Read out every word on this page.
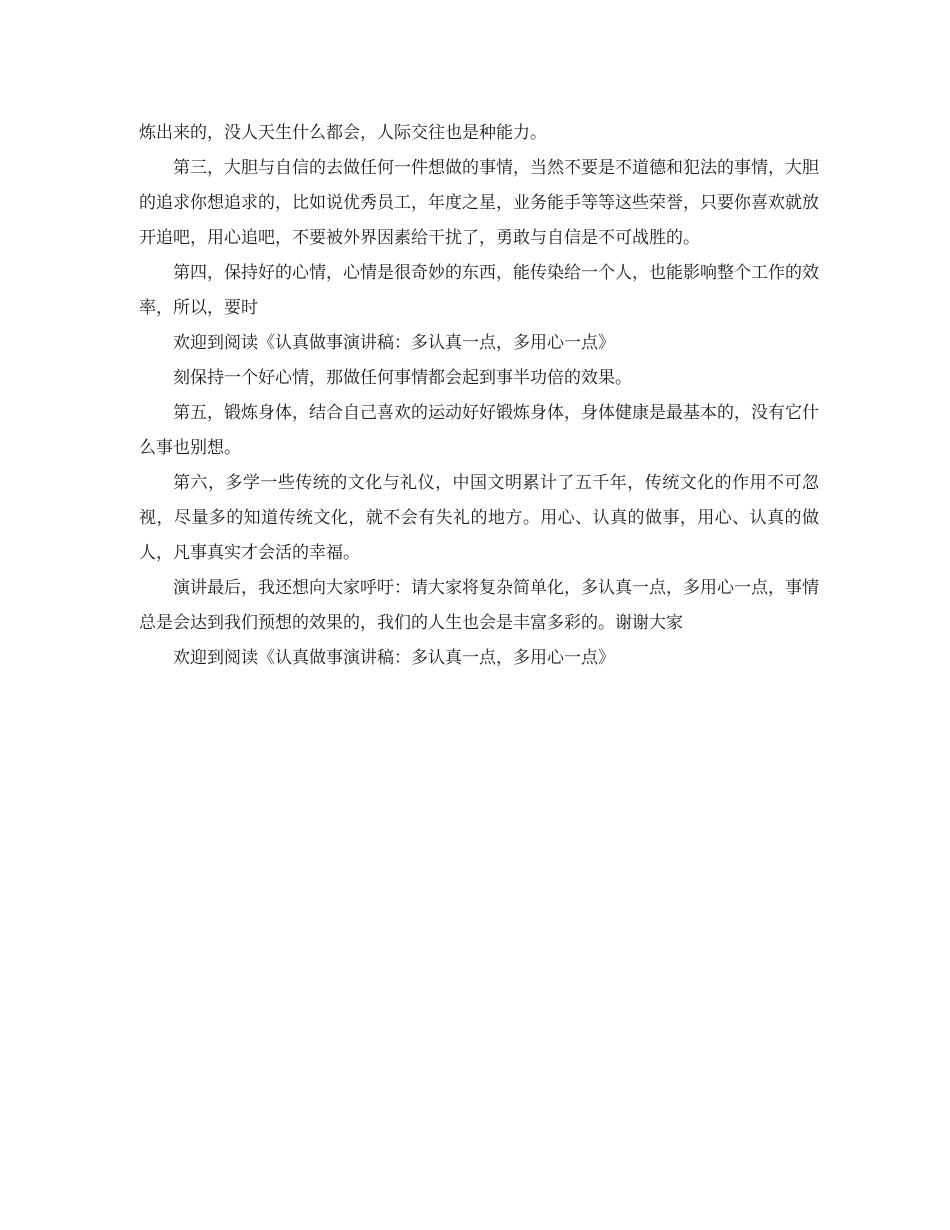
炼出来的，没人天生什么都会，人际交往也是种能力。

第三，大胆与自信的去做任何一件想做的事情，当然不要是不道德和犯法的事情，大胆的追求你想追求的，比如说优秀员工，年度之星，业务能手等等这些荣誉，只要你喜欢就放开追吧，用心追吧，不要被外界因素给干扰了，勇敢与自信是不可战胜的。

第四，保持好的心情，心情是很奇妙的东西，能传染给一个人，也能影响整个工作的效率，所以，要时

欢迎到阅读《认真做事演讲稿：多认真一点，多用心一点》

刻保持一个好心情，那做任何事情都会起到事半功倍的效果。

第五，锻炼身体，结合自己喜欢的运动好好锻炼身体，身体健康是最基本的，没有它什么事也别想。

第六，多学一些传统的文化与礼仪，中国文明累计了五千年，传统文化的作用不可忽视，尽量多的知道传统文化，就不会有失礼的地方。用心、认真的做事，用心、认真的做人，凡事真实才会活的幸福。

演讲最后，我还想向大家呼吁：请大家将复杂简单化，多认真一点，多用心一点，事情总是会达到我们预想的效果的，我们的人生也会是丰富多彩的。谢谢大家

欢迎到阅读《认真做事演讲稿：多认真一点，多用心一点》
